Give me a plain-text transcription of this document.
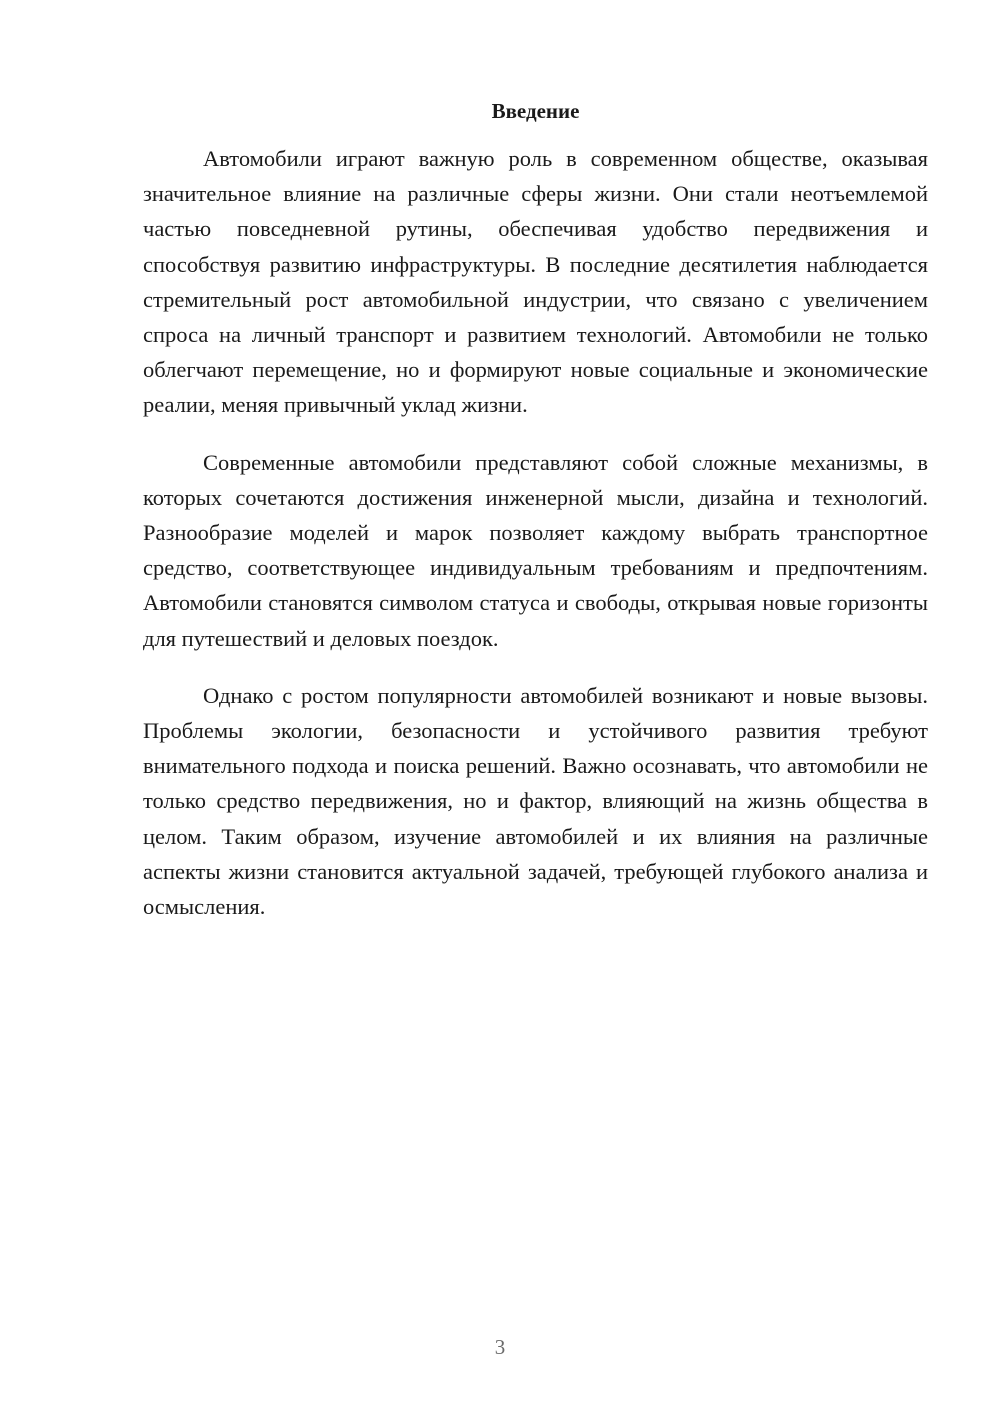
Введение

Автомобили играют важную роль в современном обществе, оказывая значительное влияние на различные сферы жизни. Они стали неотъемлемой частью повседневной рутины, обеспечивая удобство передвижения и способствуя развитию инфраструктуры. В последние десятилетия наблюдается стремительный рост автомобильной индустрии, что связано с увеличением спроса на личный транспорт и развитием технологий. Автомобили не только облегчают перемещение, но и формируют новые социальные и экономические реалии, меняя привычный уклад жизни.

Современные автомобили представляют собой сложные механизмы, в которых сочетаются достижения инженерной мысли, дизайна и технологий. Разнообразие моделей и марок позволяет каждому выбрать транспортное средство, соответствующее индивидуальным требованиям и предпочтениям. Автомобили становятся символом статуса и свободы, открывая новые горизонты для путешествий и деловых поездок.

Однако с ростом популярности автомобилей возникают и новые вызовы. Проблемы экологии, безопасности и устойчивого развития требуют внимательного подхода и поиска решений. Важно осознавать, что автомобили не только средство передвижения, но и фактор, влияющий на жизнь общества в целом. Таким образом, изучение автомобилей и их влияния на различные аспекты жизни становится актуальной задачей, требующей глубокого анализа и осмысления.

3
